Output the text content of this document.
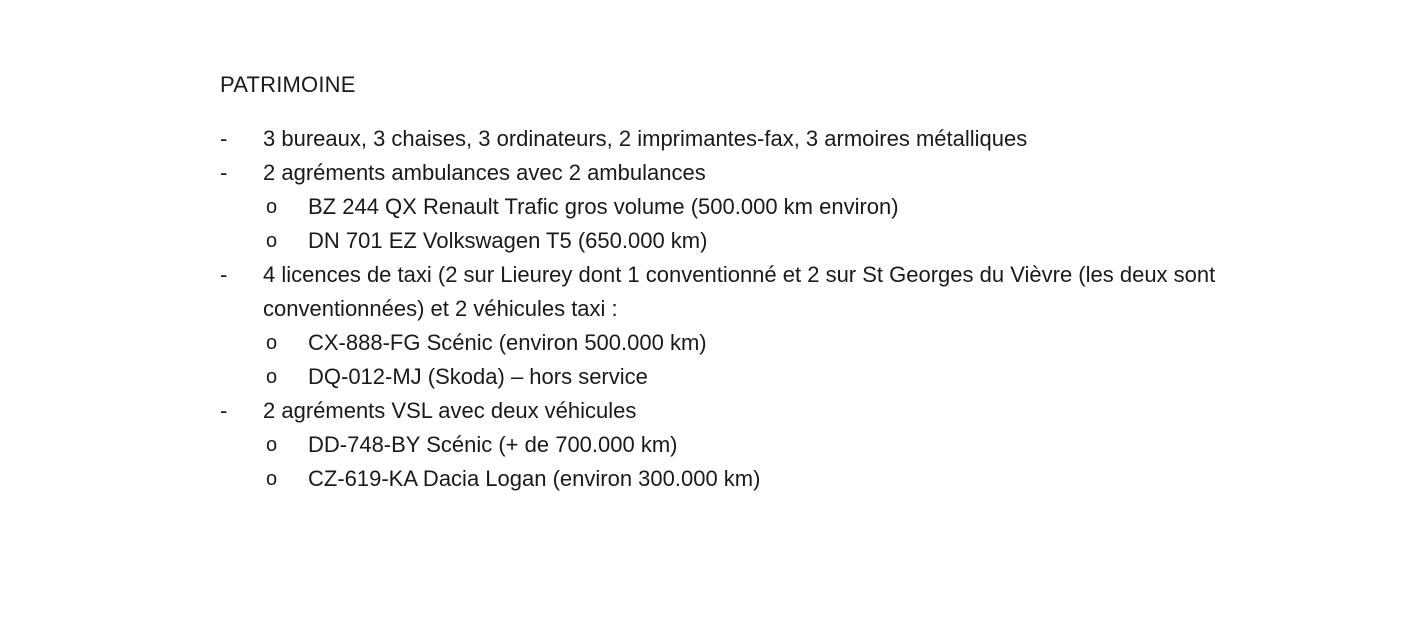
PATRIMOINE
-	3 bureaux, 3 chaises, 3 ordinateurs, 2 imprimantes-fax, 3 armoires métalliques
-	2 agréments ambulances avec 2 ambulances
o	BZ 244 QX Renault Trafic gros volume (500.000 km environ)
o	DN 701 EZ Volkswagen T5 (650.000 km)
-	4 licences de taxi (2 sur Lieurey dont 1 conventionné et 2 sur St Georges du Vièvre (les deux sont conventionnées) et 2 véhicules taxi :
o	CX-888-FG Scénic (environ 500.000 km)
o	DQ-012-MJ (Skoda) – hors service
-	2 agréments VSL avec deux véhicules
o	DD-748-BY Scénic (+ de 700.000 km)
o	CZ-619-KA Dacia Logan (environ 300.000 km)
